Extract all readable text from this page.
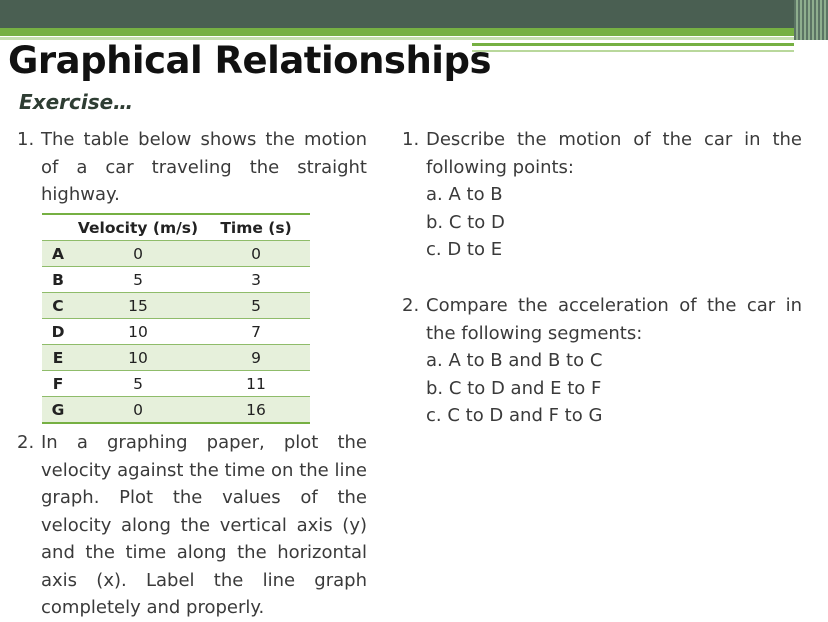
Graphical Relationships
Exercise…
1. The table below shows the motion of a car traveling the straight highway.
	Velocity (m/s)	Time (s)
A	0	0
B	5	3
C	15	5
D	10	7
E	10	9
F	5	11
G	0	16
2. In a graphing paper, plot the velocity against the time on the line graph. Plot the values of the velocity along the vertical axis (y) and the time along the horizontal axis (x). Label the line graph completely and properly.
1. Describe the motion of the car in the following points:
a. A to B
b. C to D
c. D to E
2. Compare the acceleration of the car in the following segments:
a. A to B and B to C
b. C to D and E to F
c. C to D and F to G
